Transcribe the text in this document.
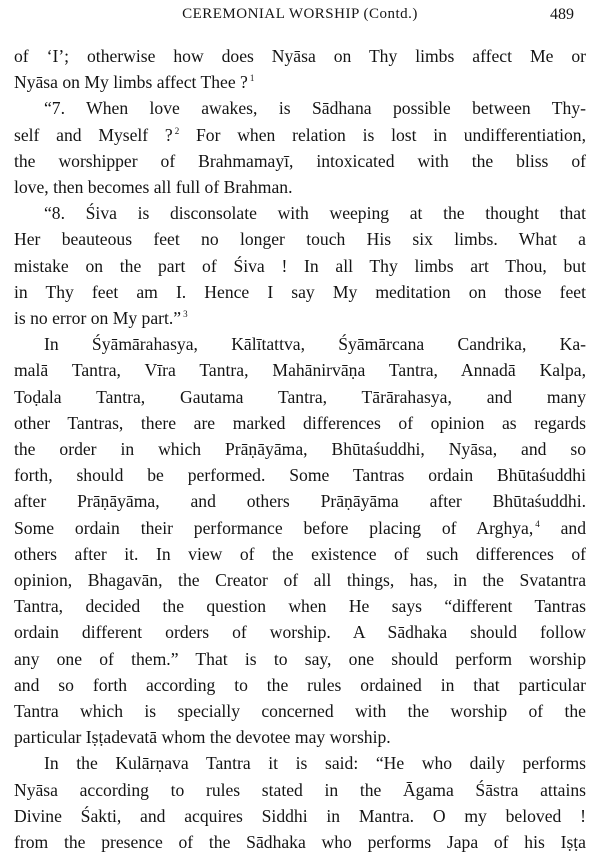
CEREMONIAL WORSHIP (Contd.)	489
of ‘I’; otherwise how does Nyāsa on Thy limbs affect Me or
Nyāsa on My limbs affect Thee ? $^1$
“7. When love awakes, is Sādhana possible between Thy-
self and Myself ? $^2$ For when relation is lost in undifferentiation,
the worshipper of Brahmamayī, intoxicated with the bliss of
love, then becomes all full of Brahman.
“8. Śiva is disconsolate with weeping at the thought that
Her beauteous feet no longer touch His six limbs. What a
mistake on the part of Śiva ! In all Thy limbs art Thou, but
in Thy feet am I. Hence I say My meditation on those feet
is no error on My part.” $^3$
In Śyāmārahasya, Kālītattva, Śyāmārcana Candrika, Ka-
malā Tantra, Vīra Tantra, Mahānirvāṇa Tantra, Annadā Kalpa,
Toḍala Tantra, Gautama Tantra, Tārārahasya, and many
other Tantras, there are marked differences of opinion as regards
the order in which Prāṇāyāma, Bhūtaśuddhi, Nyāsa, and so
forth, should be performed. Some Tantras ordain Bhūtaśuddhi
after Prāṇāyāma, and others Prāṇāyāma after Bhūtaśuddhi.
Some ordain their performance before placing of Arghya, $^4$ and
others after it. In view of the existence of such differences of
opinion, Bhagavān, the Creator of all things, has, in the Svatantra
Tantra, decided the question when He says “different Tantras
ordain different orders of worship. A Sādhaka should follow
any one of them.” That is to say, one should perform worship
and so forth according to the rules ordained in that particular
Tantra which is specially concerned with the worship of the
particular Iṣṭadevatā whom the devotee may worship.
In the Kulārṇava Tantra it is said: “He who daily performs
Nyāsa according to rules stated in the Āgama Śāstra attains
Divine Śakti, and acquires Siddhi in Mantra. O my beloved !
from the presence of the Sādhaka who performs Japa of his Iṣṭa
